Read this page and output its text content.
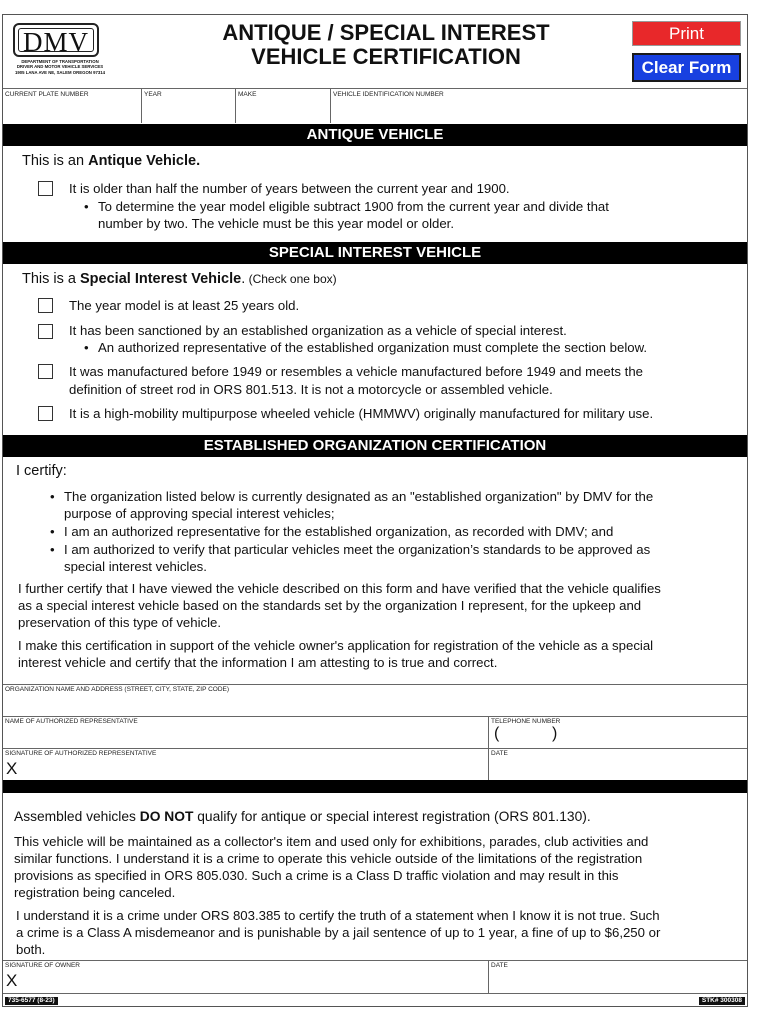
DMV
DEPARTMENT OF TRANSPORTATION
DRIVER AND MOTOR VEHICLE SERVICES
1905 LANA AVE NE, SALEM OREGON 97314
ANTIQUE / SPECIAL INTEREST
VEHICLE CERTIFICATION
Print
Clear Form
CURRENT PLATE NUMBER	YEAR	MAKE	VEHICLE IDENTIFICATION NUMBER
ANTIQUE VEHICLE
This is an Antique Vehicle.
It is older than half the number of years between the current year and 1900.
• To determine the year model eligible subtract 1900 from the current year and divide that
number by two. The vehicle must be this year model or older.
SPECIAL INTEREST VEHICLE
This is a Special Interest Vehicle. (Check one box)
The year model is at least 25 years old.
It has been sanctioned by an established organization as a vehicle of special interest.
• An authorized representative of the established organization must complete the section below.
It was manufactured before 1949 or resembles a vehicle manufactured before 1949 and meets the
definition of street rod in ORS 801.513. It is not a motorcycle or assembled vehicle.
It is a high-mobility multipurpose wheeled vehicle (HMMWV) originally manufactured for military use.
ESTABLISHED ORGANIZATION CERTIFICATION
I certify:
• The organization listed below is currently designated as an "established organization" by DMV for the
purpose of approving special interest vehicles;
• I am an authorized representative for the established organization, as recorded with DMV; and
• I am authorized to verify that particular vehicles meet the organization’s standards to be approved as
special interest vehicles.
I further certify that I have viewed the vehicle described on this form and have verified that the vehicle qualifies
as a special interest vehicle based on the standards set by the organization I represent, for the upkeep and
preservation of this type of vehicle.
I make this certification in support of the vehicle owner's application for registration of the vehicle as a special
interest vehicle and certify that the information I am attesting to is true and correct.
ORGANIZATION NAME AND ADDRESS (STREET, CITY, STATE, ZIP CODE)
NAME OF AUTHORIZED REPRESENTATIVE	TELEPHONE NUMBER
(	)
SIGNATURE OF AUTHORIZED REPRESENTATIVE
X
DATE
Assembled vehicles DO NOT qualify for antique or special interest registration (ORS 801.130).
This vehicle will be maintained as a collector's item and used only for exhibitions, parades, club activities and
similar functions. I understand it is a crime to operate this vehicle outside of the limitations of the registration
provisions as specified in ORS 805.030. Such a crime is a Class D traffic violation and may result in this
registration being canceled.
I understand it is a crime under ORS 803.385 to certify the truth of a statement when I know it is not true. Such
a crime is a Class A misdemeanor and is punishable by a jail sentence of up to 1 year, a fine of up to $6,250 or
both.
SIGNATURE OF OWNER
X
DATE
735-6577 (8-23)	STK# 300308
